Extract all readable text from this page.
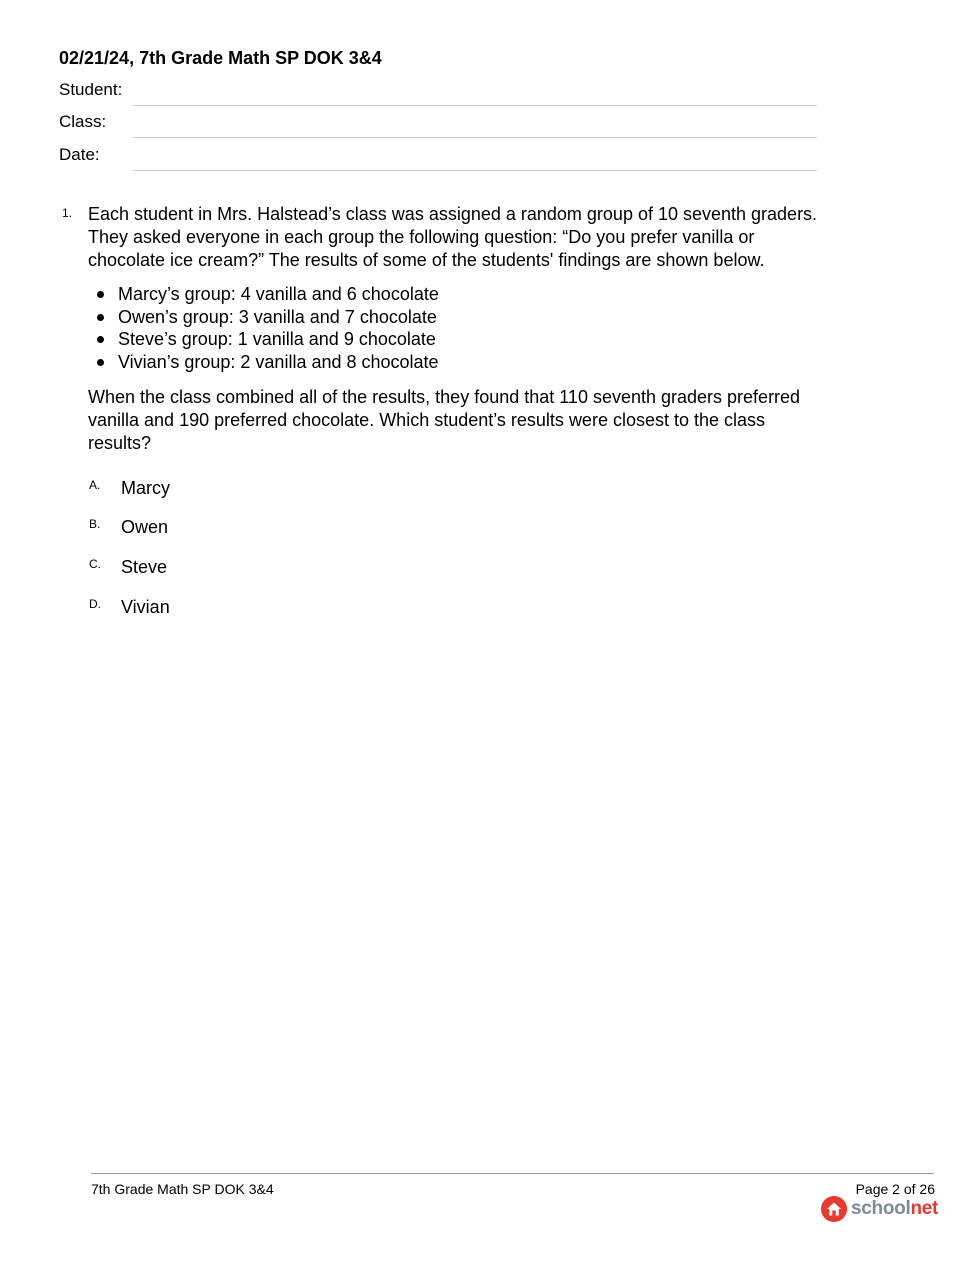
02/21/24, 7th Grade Math SP DOK 3&4
Student:
Class:
Date:
1. Each student in Mrs. Halstead’s class was assigned a random group of 10 seventh graders. They asked everyone in each group the following question: “Do you prefer vanilla or chocolate ice cream?” The results of some of the students' findings are shown below.

Marcy’s group: 4 vanilla and 6 chocolate
Owen’s group: 3 vanilla and 7 chocolate
Steve’s group: 1 vanilla and 9 chocolate
Vivian’s group: 2 vanilla and 8 chocolate

When the class combined all of the results, they found that 110 seventh graders preferred vanilla and 190 preferred chocolate. Which student’s results were closest to the class results?

A. Marcy
B. Owen
C. Steve
D. Vivian
7th Grade Math SP DOK 3&4	Page 2 of 26
schoolnet
